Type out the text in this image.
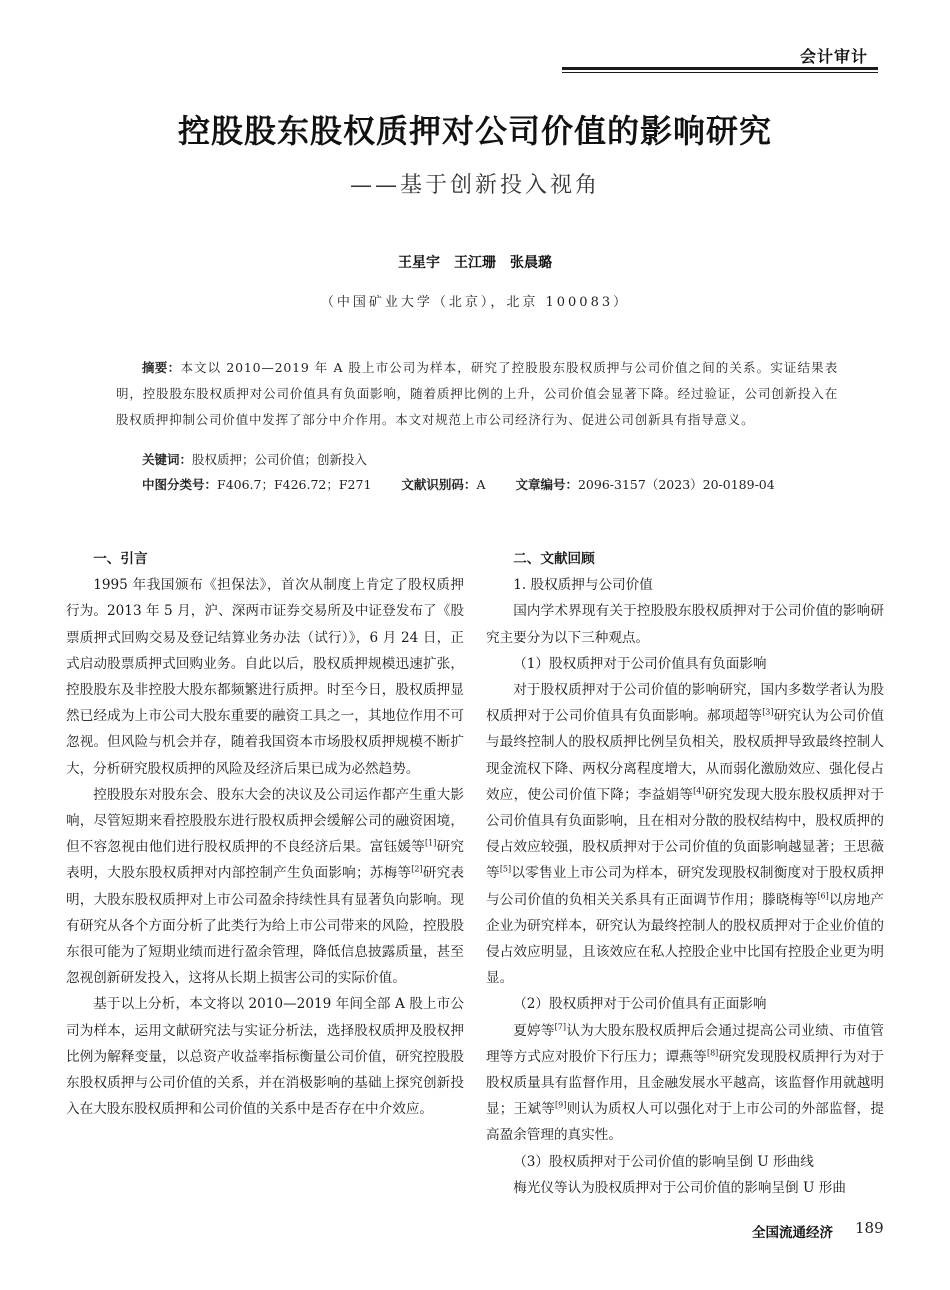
会计审计
控股股东股权质押对公司价值的影响研究
——基于创新投入视角
王星宇　王江珊　张晨璐
（中国矿业大学（北京），北京 100083）
摘要：本文以 2010—2019 年 A 股上市公司为样本，研究了控股股东股权质押与公司价值之间的关系。实证结果表明，控股股东股权质押对公司价值具有负面影响，随着质押比例的上升，公司价值会显著下降。经过验证，公司创新投入在股权质押抑制公司价值中发挥了部分中介作用。本文对规范上市公司经济行为、促进公司创新具有指导意义。
关键词：股权质押；公司价值；创新投入
中图分类号：F406.7；F426.72；F271 文献识别码：A 文章编号：2096-3157（2023）20-0189-04

一、引言

1995 年我国颁布《担保法》，首次从制度上肯定了股权质押行为。2013 年 5 月，沪、深两市证券交易所及中证登发布了《股票质押式回购交易及登记结算业务办法（试行）》，6 月 24 日，正式启动股票质押式回购业务。自此以后，股权质押规模迅速扩张，控股股东及非控股大股东都频繁进行质押。时至今日，股权质押显然已经成为上市公司大股东重要的融资工具之一，其地位作用不可忽视。但风险与机会并存，随着我国资本市场股权质押规模不断扩大，分析研究股权质押的风险及经济后果已成为必然趋势。

控股股东对股东会、股东大会的决议及公司运作都产生重大影响，尽管短期来看控股股东进行股权质押会缓解公司的融资困境，但不容忽视由他们进行股权质押的不良经济后果。富钰媛等[1]研究表明，大股东股权质押对内部控制产生负面影响；苏梅等[2]研究表明，大股东股权质押对上市公司盈余持续性具有显著负向影响。现有研究从各个方面分析了此类行为给上市公司带来的风险，控股股东很可能为了短期业绩而进行盈余管理，降低信息披露质量，甚至忽视创新研发投入，这将从长期上损害公司的实际价值。

基于以上分析，本文将以 2010—2019 年间全部 A 股上市公司为样本，运用文献研究法与实证分析法，选择股权质押及股权押比例为解释变量，以总资产收益率指标衡量公司价值，研究控股股东股权质押与公司价值的关系，并在消极影响的基础上探究创新投入在大股东股权质押和公司价值的关系中是否存在中介效应。

二、文献回顾

1. 股权质押与公司价值

国内学术界现有关于控股股东股权质押对于公司价值的影响研究主要分为以下三种观点。

（1）股权质押对于公司价值具有负面影响

对于股权质押对于公司价值的影响研究，国内多数学者认为股权质押对于公司价值具有负面影响。郝项超等[3]研究认为公司价值与最终控制人的股权质押比例呈负相关，股权质押导致最终控制人现金流权下降、两权分离程度增大，从而弱化激励效应、强化侵占效应，使公司价值下降；李益娟等[4]研究发现大股东股权质押对于公司价值具有负面影响，且在相对分散的股权结构中，股权质押的侵占效应较强，股权质押对于公司价值的负面影响越显著；王思薇等[5]以零售业上市公司为样本，研究发现股权制衡度对于股权质押与公司价值的负相关关系具有正面调节作用；滕晓梅等[6]以房地产企业为研究样本，研究认为最终控制人的股权质押对于企业价值的侵占效应明显，且该效应在私人控股企业中比国有控股企业更为明显。

（2）股权质押对于公司价值具有正面影响

夏婷等[7]认为大股东股权质押后会通过提高公司业绩、市值管理等方式应对股价下行压力；谭燕等[8]研究发现股权质押行为对于股权质量具有监督作用，且金融发展水平越高，该监督作用就越明显；王斌等[9]则认为质权人可以强化对于上市公司的外部监督，提高盈余管理的真实性。

（3）股权质押对于公司价值的影响呈倒 U 形曲线

梅光仪等认为股权质押对于公司价值的影响呈倒 U 形曲

全国流通经济 189
